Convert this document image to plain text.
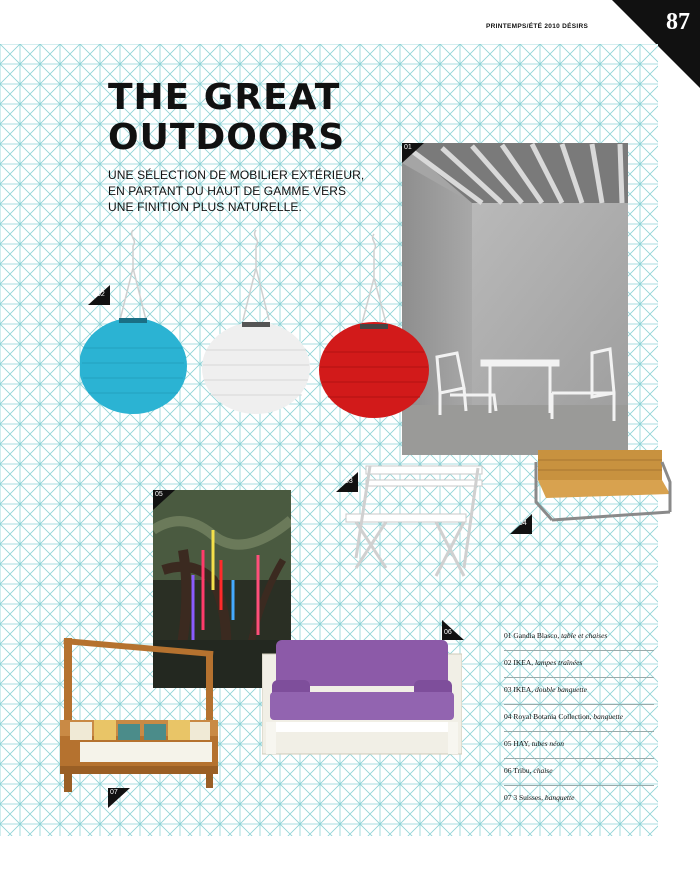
PRINTEMPS/ÉTÉ 2010 DÉSIRS	87
THE GREAT
OUTDOORS
UNE SÉLECTION DE MOBILIER EXTÉRIEUR,
EN PARTANT DU HAUT DE GAMME VERS
UNE FINITION PLUS NATURELLE.
01
02
03
04
05
06
07
01 Gandia Blasco, table et chaises
02 IKEA, lampes traînées
03 IKEA, double banquette
04 Royal Botania Collection, banquette
05 HAY, tubes néon
06 Tribu, chaise
07 3 Suisses, banquette
